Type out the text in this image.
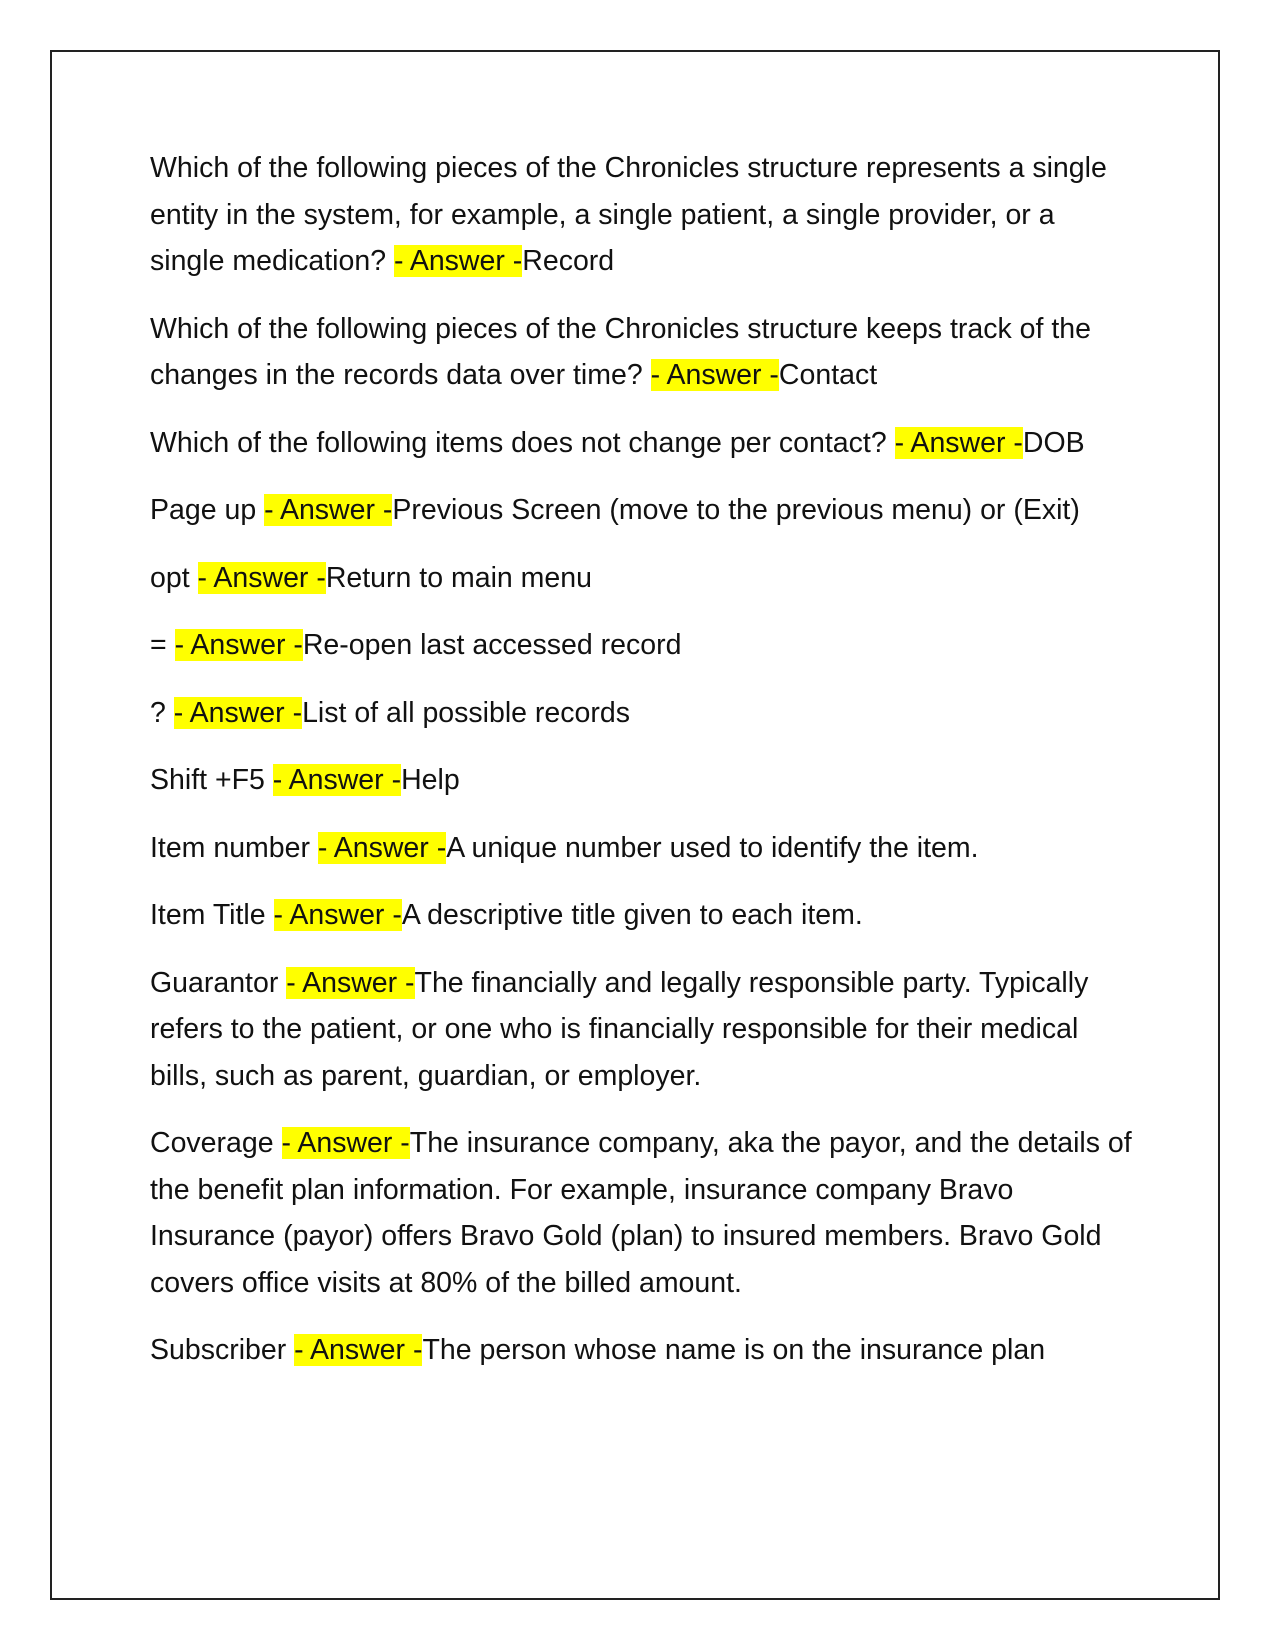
Which of the following pieces of the Chronicles structure represents a single entity in the system, for example, a single patient, a single provider, or a single medication? - Answer -Record

Which of the following pieces of the Chronicles structure keeps track of the changes in the records data over time? - Answer -Contact

Which of the following items does not change per contact? - Answer -DOB

Page up - Answer -Previous Screen (move to the previous menu) or (Exit)

opt - Answer -Return to main menu

= - Answer -Re-open last accessed record

? - Answer -List of all possible records

Shift +F5 - Answer -Help

Item number - Answer -A unique number used to identify the item.

Item Title - Answer -A descriptive title given to each item.

Guarantor - Answer -The financially and legally responsible party. Typically refers to the patient, or one who is financially responsible for their medical bills, such as parent, guardian, or employer.

Coverage - Answer -The insurance company, aka the payor, and the details of the benefit plan information. For example, insurance company Bravo Insurance (payor) offers Bravo Gold (plan) to insured members. Bravo Gold covers office visits at 80% of the billed amount.

Subscriber - Answer -The person whose name is on the insurance plan
